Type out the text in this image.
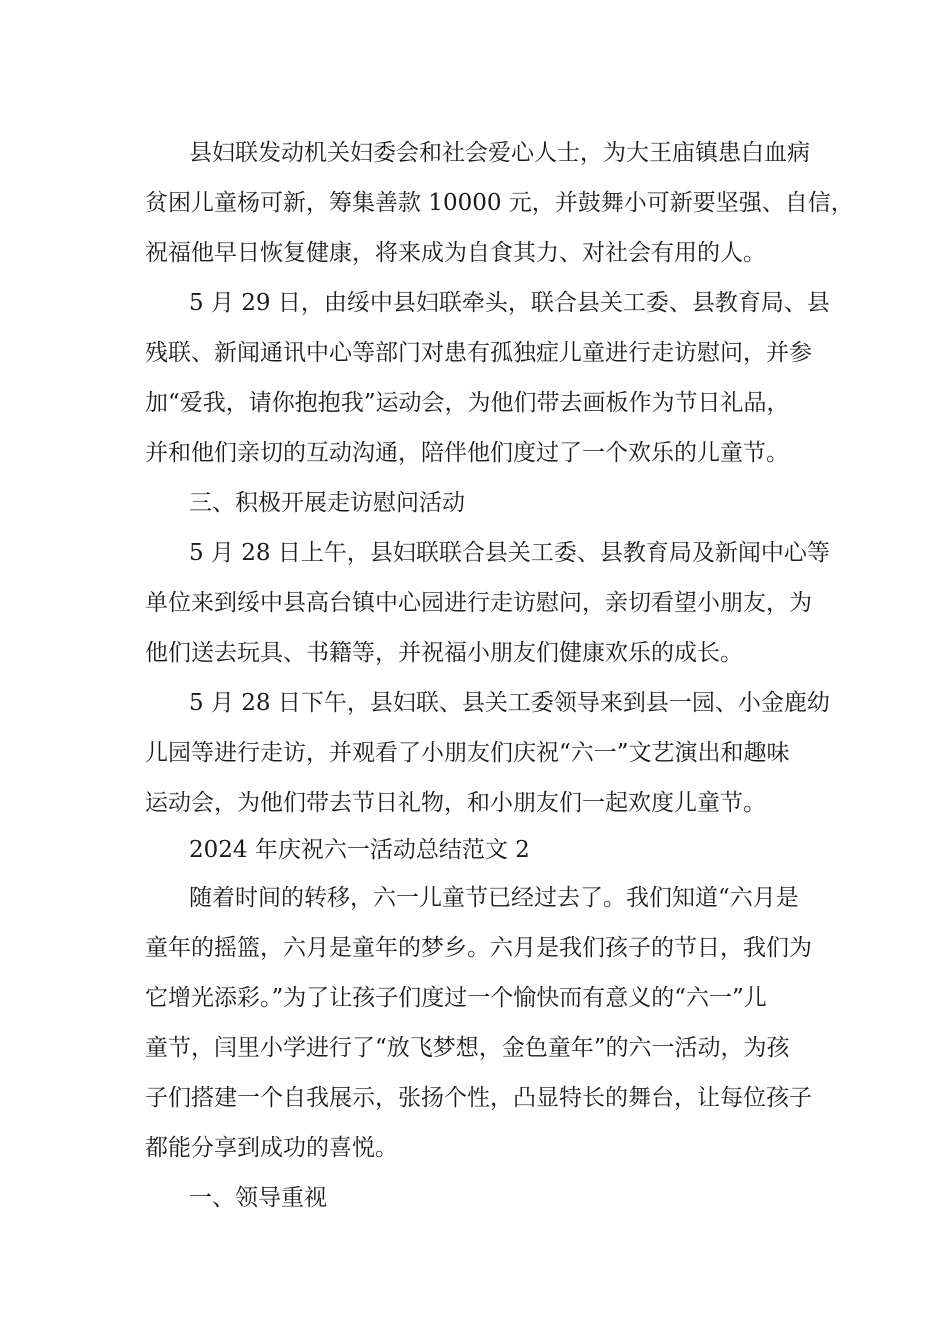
县妇联发动机关妇委会和社会爱心人士，为大王庙镇患白血病

贫困儿童杨可新，筹集善款 10000 元，并鼓舞小可新要坚强、自信，

祝福他早日恢复健康，将来成为自食其力、对社会有用的人。

5 月 29 日，由绥中县妇联牵头，联合县关工委、县教育局、县

残联、新闻通讯中心等部门对患有孤独症儿童进行走访慰问，并参

加“爱我，请你抱抱我”运动会，为他们带去画板作为节日礼品，

并和他们亲切的互动沟通，陪伴他们度过了一个欢乐的儿童节。

三、积极开展走访慰问活动

5 月 28 日上午，县妇联联合县关工委、县教育局及新闻中心等

单位来到绥中县高台镇中心园进行走访慰问，亲切看望小朋友，为

他们送去玩具、书籍等，并祝福小朋友们健康欢乐的成长。

5 月 28 日下午，县妇联、县关工委领导来到县一园、小金鹿幼

儿园等进行走访，并观看了小朋友们庆祝“六一”文艺演出和趣味

运动会，为他们带去节日礼物，和小朋友们一起欢度儿童节。

2024 年庆祝六一活动总结范文 2

随着时间的转移，六一儿童节已经过去了。我们知道“六月是

童年的摇篮，六月是童年的梦乡。六月是我们孩子的节日，我们为

它增光添彩。”为了让孩子们度过一个愉快而有意义的“六一”儿

童节，闫里小学进行了“放飞梦想，金色童年”的六一活动，为孩

子们搭建一个自我展示，张扬个性，凸显特长的舞台，让每位孩子

都能分享到成功的喜悦。

一、领导重视
